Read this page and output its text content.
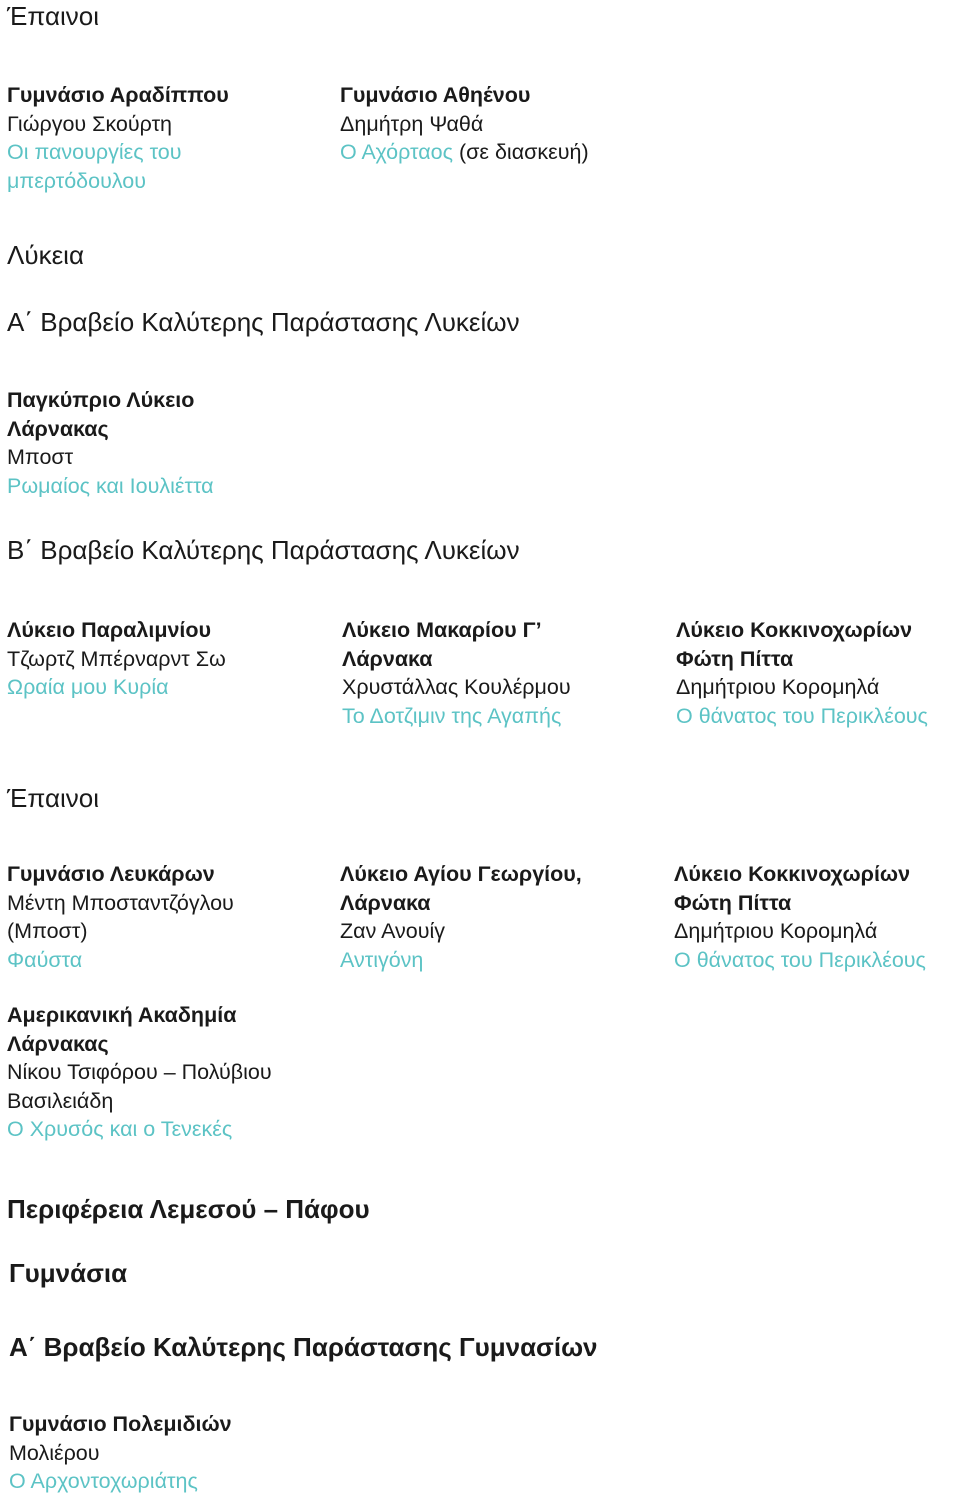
Έπαινοι
Γυμνάσιο Αραδίππου
Γιώργου Σκούρτη
Οι πανουργίες του
μπερτόδουλου
Γυμνάσιο Αθηένου
Δημήτρη Ψαθά
Ο Αχόρταος (σε διασκευή)
Λύκεια
Α΄ Βραβείο Καλύτερης Παράστασης Λυκείων
Παγκύπριο Λύκειο
Λάρνακας
Μποστ
Ρωμαίος και Ιουλιέττα
Β΄ Βραβείο Καλύτερης Παράστασης Λυκείων
Λύκειο Παραλιμνίου
Τζωρτζ Μπέρναρντ Σω
Ωραία μου Κυρία
Λύκειο Μακαρίου Γ’
Λάρνακα
Χρυστάλλας Κουλέρμου
Το Δοτζιμιν της Αγαπής
Λύκειο Κοκκινοχωρίων
Φώτη Πίττα
Δημήτριου Κορομηλά
Ο θάνατος του Περικλέους
Έπαινοι
Γυμνάσιο Λευκάρων
Μέντη Μποσταντζόγλου
(Μποστ)
Φαύστα
Λύκειο Αγίου Γεωργίου,
Λάρνακα
Ζαν Ανουίγ
Αντιγόνη
Λύκειο Κοκκινοχωρίων
Φώτη Πίττα
Δημήτριου Κορομηλά
Ο θάνατος του Περικλέους
Αμερικανική Ακαδημία
Λάρνακας
Νίκου Τσιφόρου – Πολύβιου
Βασιλειάδη
Ο Χρυσός και ο Τενεκές
Περιφέρεια Λεμεσού – Πάφου
Γυμνάσια
Α΄ Βραβείο Καλύτερης Παράστασης Γυμνασίων
Γυμνάσιο Πολεμιδιών
Μολιέρου
Ο Αρχοντοχωριάτης
